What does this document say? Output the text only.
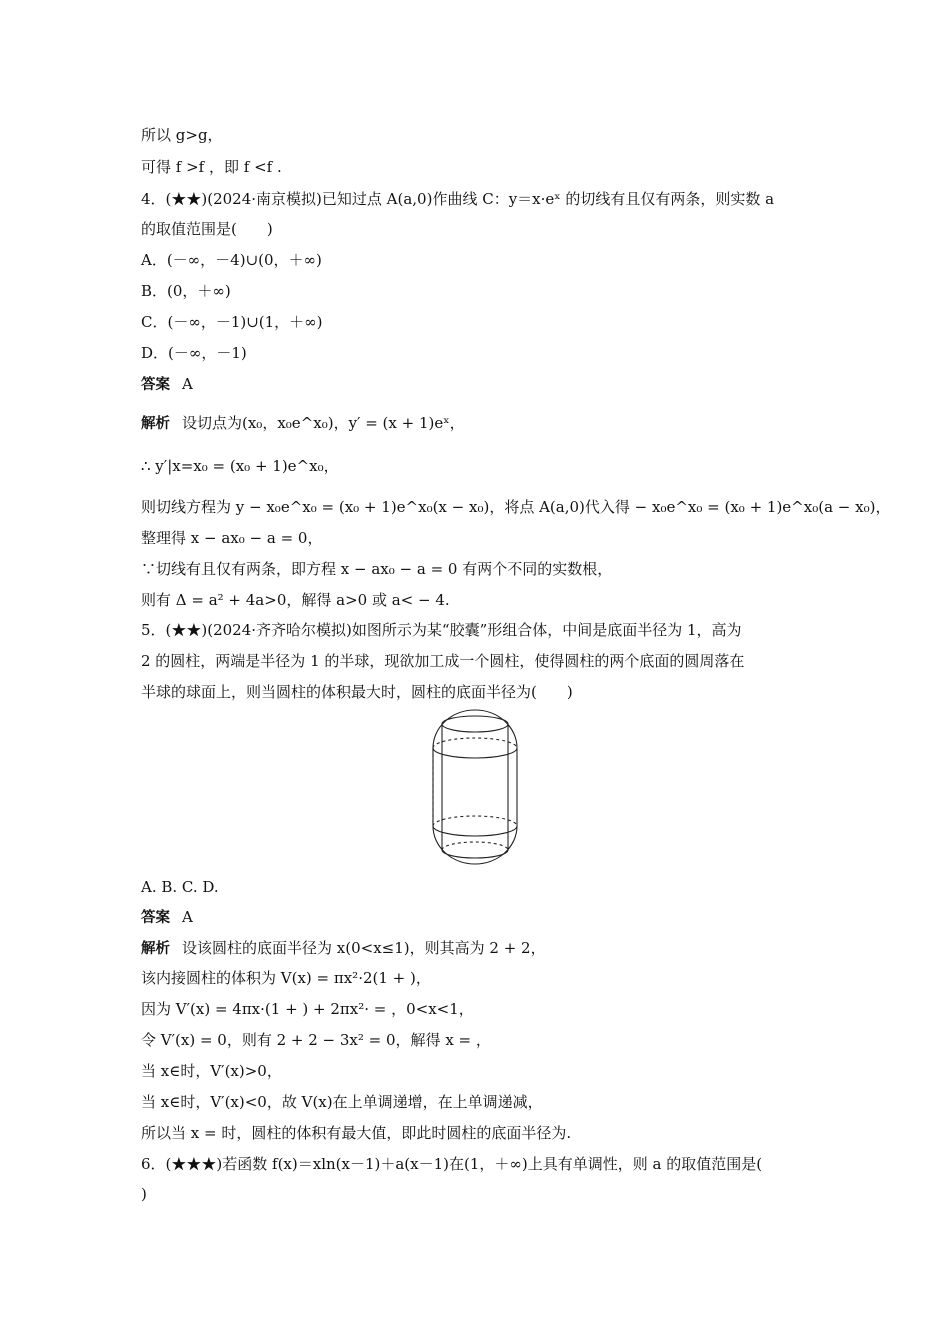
所以 g>g，
可得 f >f ，即 f <f .
4．(★★)(2024·南京模拟)已知过点 A(a,0)作曲线 C：y＝x·eˣ 的切线有且仅有两条，则实数 a
的取值范围是(　　)
A．(－∞，－4)∪(0，＋∞)
B．(0，＋∞)
C．(－∞，－1)∪(1，＋∞)
D．(－∞，－1)
答案 A
解析 设切点为(x₀，x₀e^x₀)，y′ = (x + 1)eˣ，
∴ y′|x=x₀ = (x₀ + 1)e^x₀，
则切线方程为 y − x₀e^x₀ = (x₀ + 1)e^x₀(x − x₀)，将点 A(a,0)代入得 − x₀e^x₀ = (x₀ + 1)e^x₀(a − x₀)，
整理得 x − ax₀ − a = 0，
∵切线有且仅有两条，即方程 x − ax₀ − a = 0 有两个不同的实数根，
则有 Δ = a² + 4a>0，解得 a>0 或 a< − 4.
5．(★★)(2024·齐齐哈尔模拟)如图所示为某“胶囊”形组合体，中间是底面半径为 1，高为
2 的圆柱，两端是半径为 1 的半球，现欲加工成一个圆柱，使得圆柱的两个底面的圆周落在
半球的球面上，则当圆柱的体积最大时，圆柱的底面半径为(　　)
A. B. C. D.
答案 A
解析 设该圆柱的底面半径为 x(0<x≤1)，则其高为 2 + 2，
该内接圆柱的体积为 V(x) = πx²·2(1 + )，
因为 V′(x) = 4πx·(1 + ) + 2πx²· = ，0<x<1，
令 V′(x) = 0，则有 2 + 2 − 3x² = 0，解得 x = ，
当 x∈时，V′(x)>0，
当 x∈时，V′(x)<0，故 V(x)在上单调递增，在上单调递减，
所以当 x = 时，圆柱的体积有最大值，即此时圆柱的底面半径为.
6．(★★★)若函数 f(x)＝xln(x－1)＋a(x－1)在(1，＋∞)上具有单调性，则 a 的取值范围是(
)
